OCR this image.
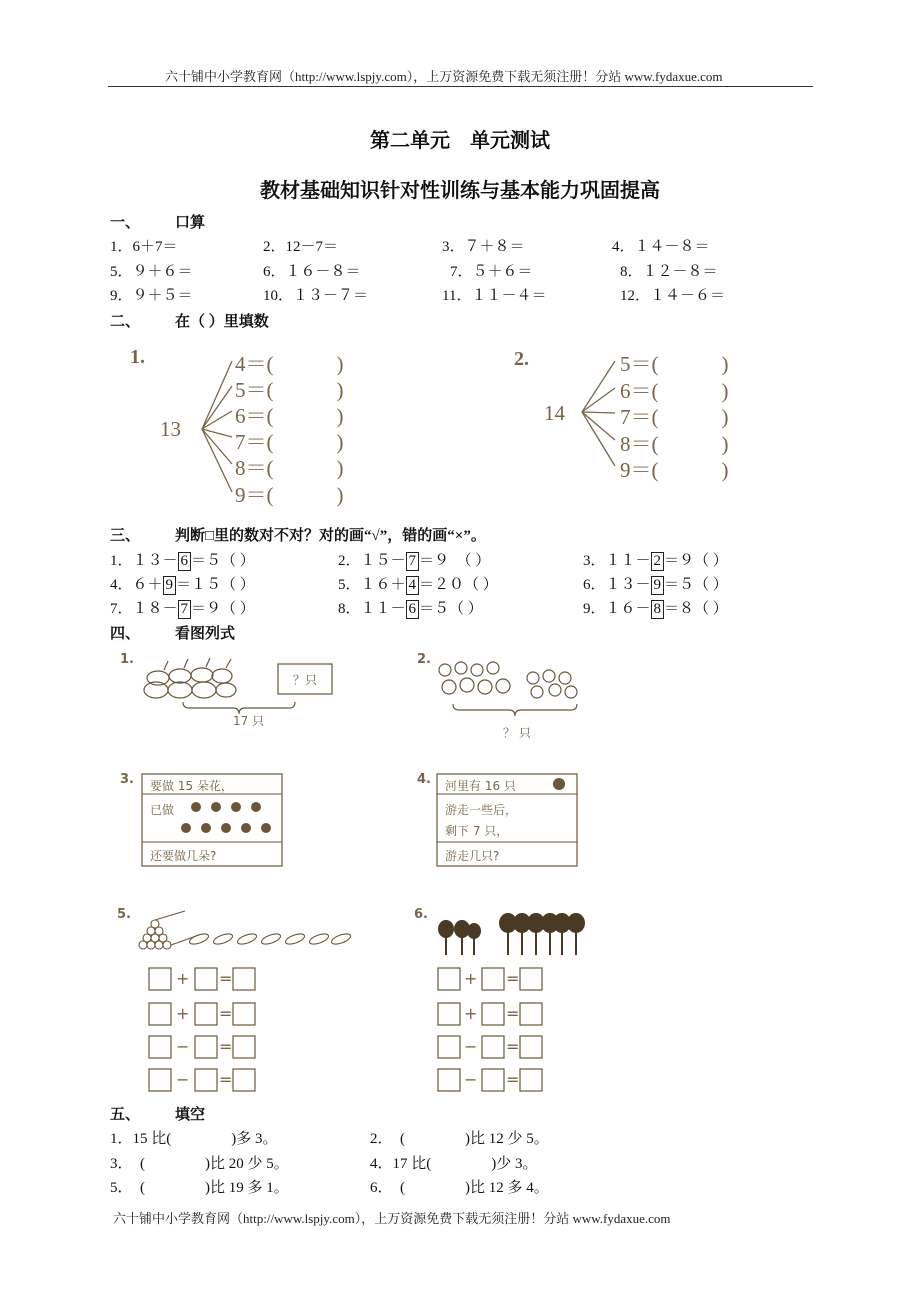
六十铺中小学教育网（http://www.lspjy.com），上万资源免费下载无须注册！分站 www.fydaxue.com
第二单元　单元测试
教材基础知识针对性训练与基本能力巩固提高
一、 口算
1．6＋7＝	2．12－7＝	3．７＋８＝	4．１４－８＝
5．９＋６＝	6．１６－８＝	7．５＋６＝	8．１２－８＝
9．９＋５＝	10．１３－７＝	11．１１－４＝	12．１４－６＝
二、 在（ ）里填数
1.
13
4＝(　　　)
5＝(　　　)
6＝(　　　)
7＝(　　　)
8＝(　　　)
9＝(　　　)
2.
14
5＝(　　　)
6＝(　　　)
7＝(　　　)
8＝(　　　)
9＝(　　　)
三、 判断□里的数对不对？对的画“√”，错的画“×”。
1．１３－ 6 ＝５（ ）	2．１５－ 7 ＝９　（ ）	3．１１－ 2 ＝９（ ）
4．６＋ 9 ＝１５（ ）	5．１６＋ 4 ＝２０（ ）	6．１３－ 9 ＝５（ ）
7．１８－ 7 ＝９（ ）	8．１１－ 6 ＝５（ ）	9．１６－ 8 ＝８（ ）
四、 看图列式
1.
？只
17 只
2.
？ 只
3. 要做 15 朵花，
已做
还要做几朵?
4. 河里有 16 只
游走一些后，
剩下 7 只，
游走几只?
5.
+ =
+ =
− =
− =
6.
+ =
+ =
− =
− =
五、 填空
1．15 比(　　　　)多 3。	2．　(　　　　)比 12 少 5。
3．　(　　　　)比 20 少 5。	4．17 比(　　　　)少 3。
5．　(　　　　)比 19 多 1。	6．　(　　　　)比 12 多 4。
六十铺中小学教育网（http://www.lspjy.com），上万资源免费下载无须注册！分站 www.fydaxue.com
